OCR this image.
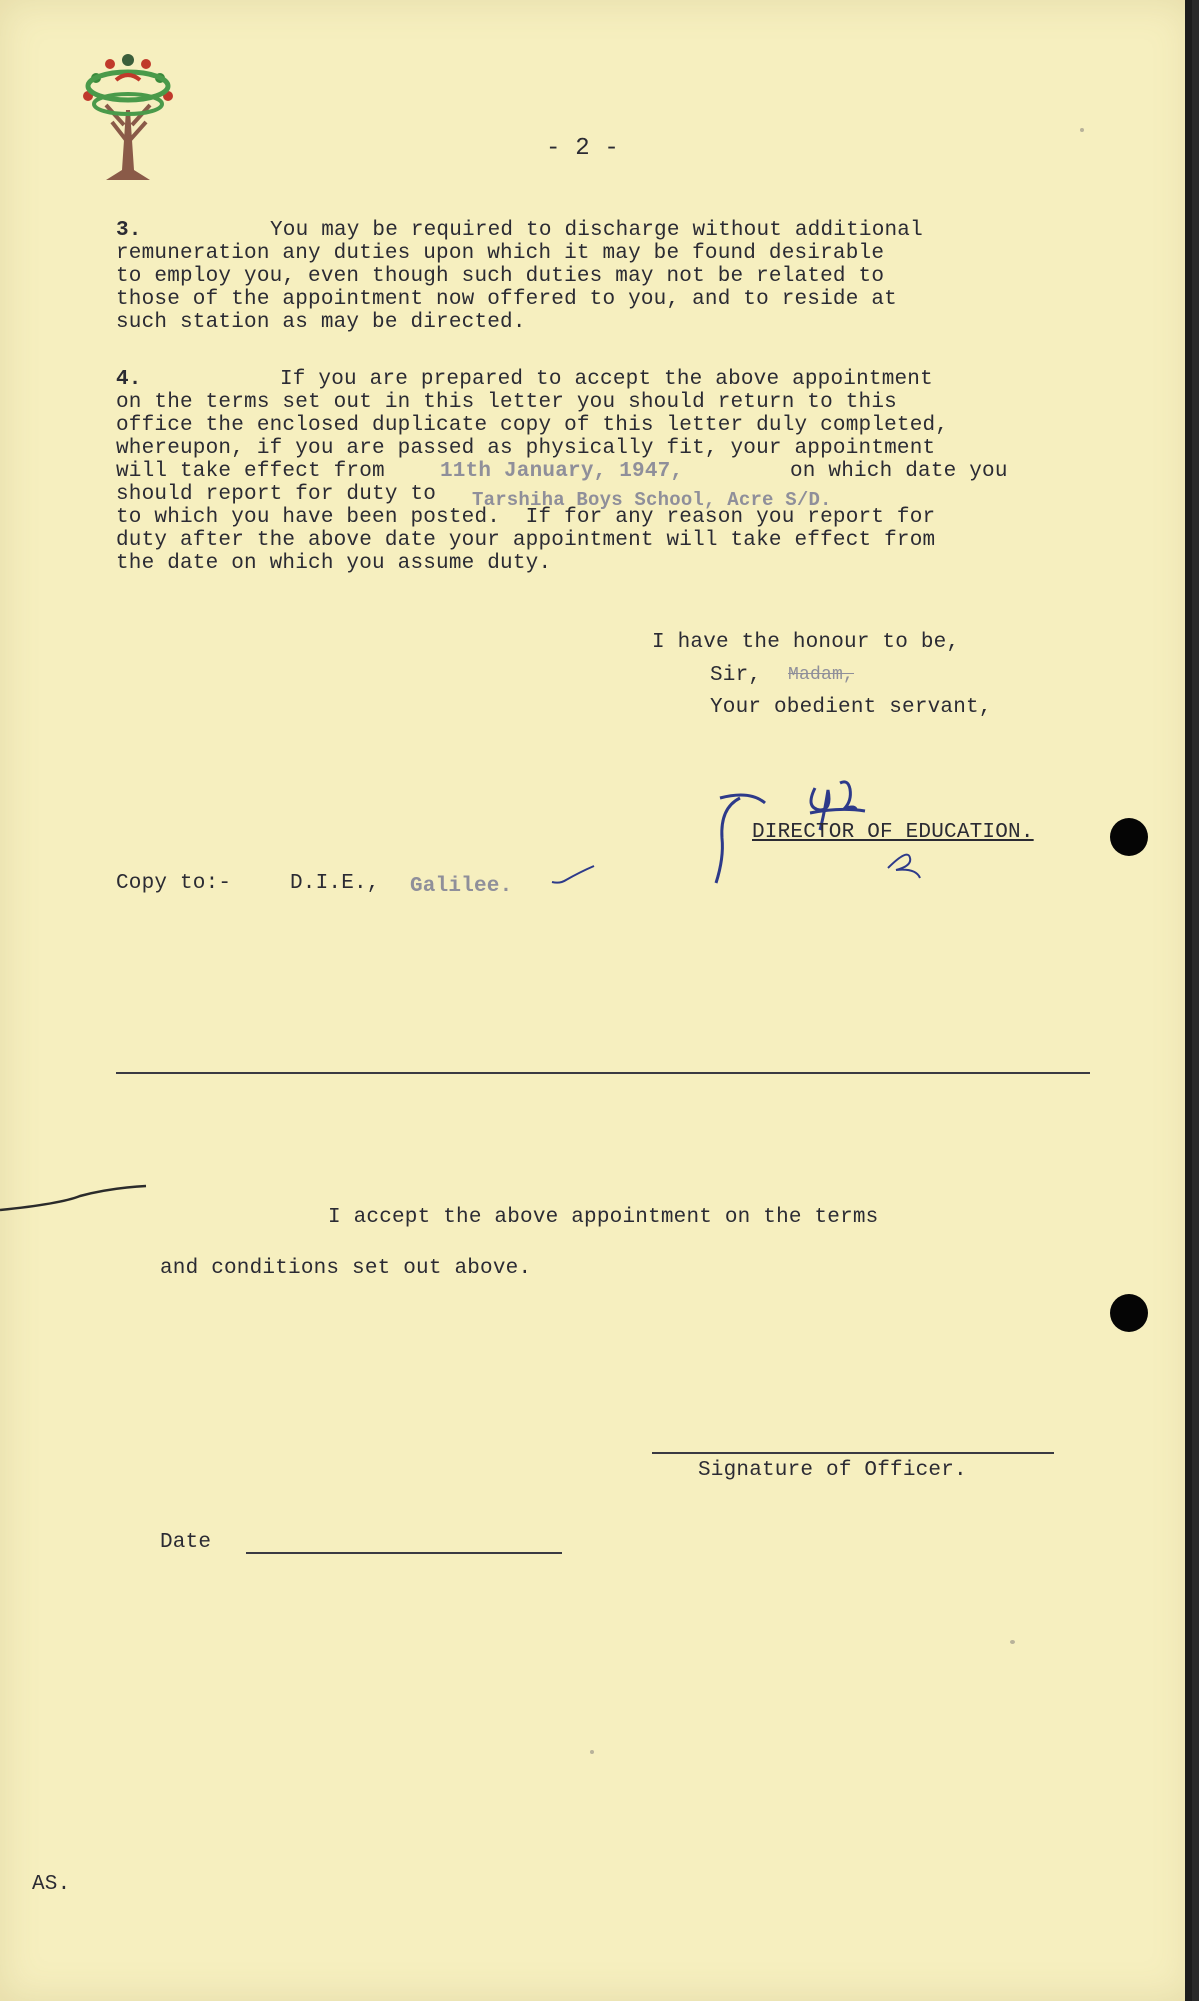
- 2 -
3.	You may be required to discharge without additional
remuneration any duties upon which it may be found desirable
to employ you, even though such duties may not be related to
those of the appointment now offered to you, and to reside at
such station as may be directed.
4.	If you are prepared to accept the above appointment
on the terms set out in this letter you should return to this
office the enclosed duplicate copy of this letter duly completed,
whereupon, if you are passed as physically fit, your appointment
will take effect from	11th January, 1947,	on which date you
should report for duty to Tarshiha Boys School, Acre S/D.
to which you have been posted.  If for any reason you report for
duty after the above date your appointment will take effect from
the date on which you assume duty.
I have the honour to be,
Sir, Madam,
Your obedient servant,
DIRECTOR OF EDUCATION.
Copy to:-	D.I.E., Galilee.
I accept the above appointment on the terms
and conditions set out above.
Signature of Officer.
Date
AS.
